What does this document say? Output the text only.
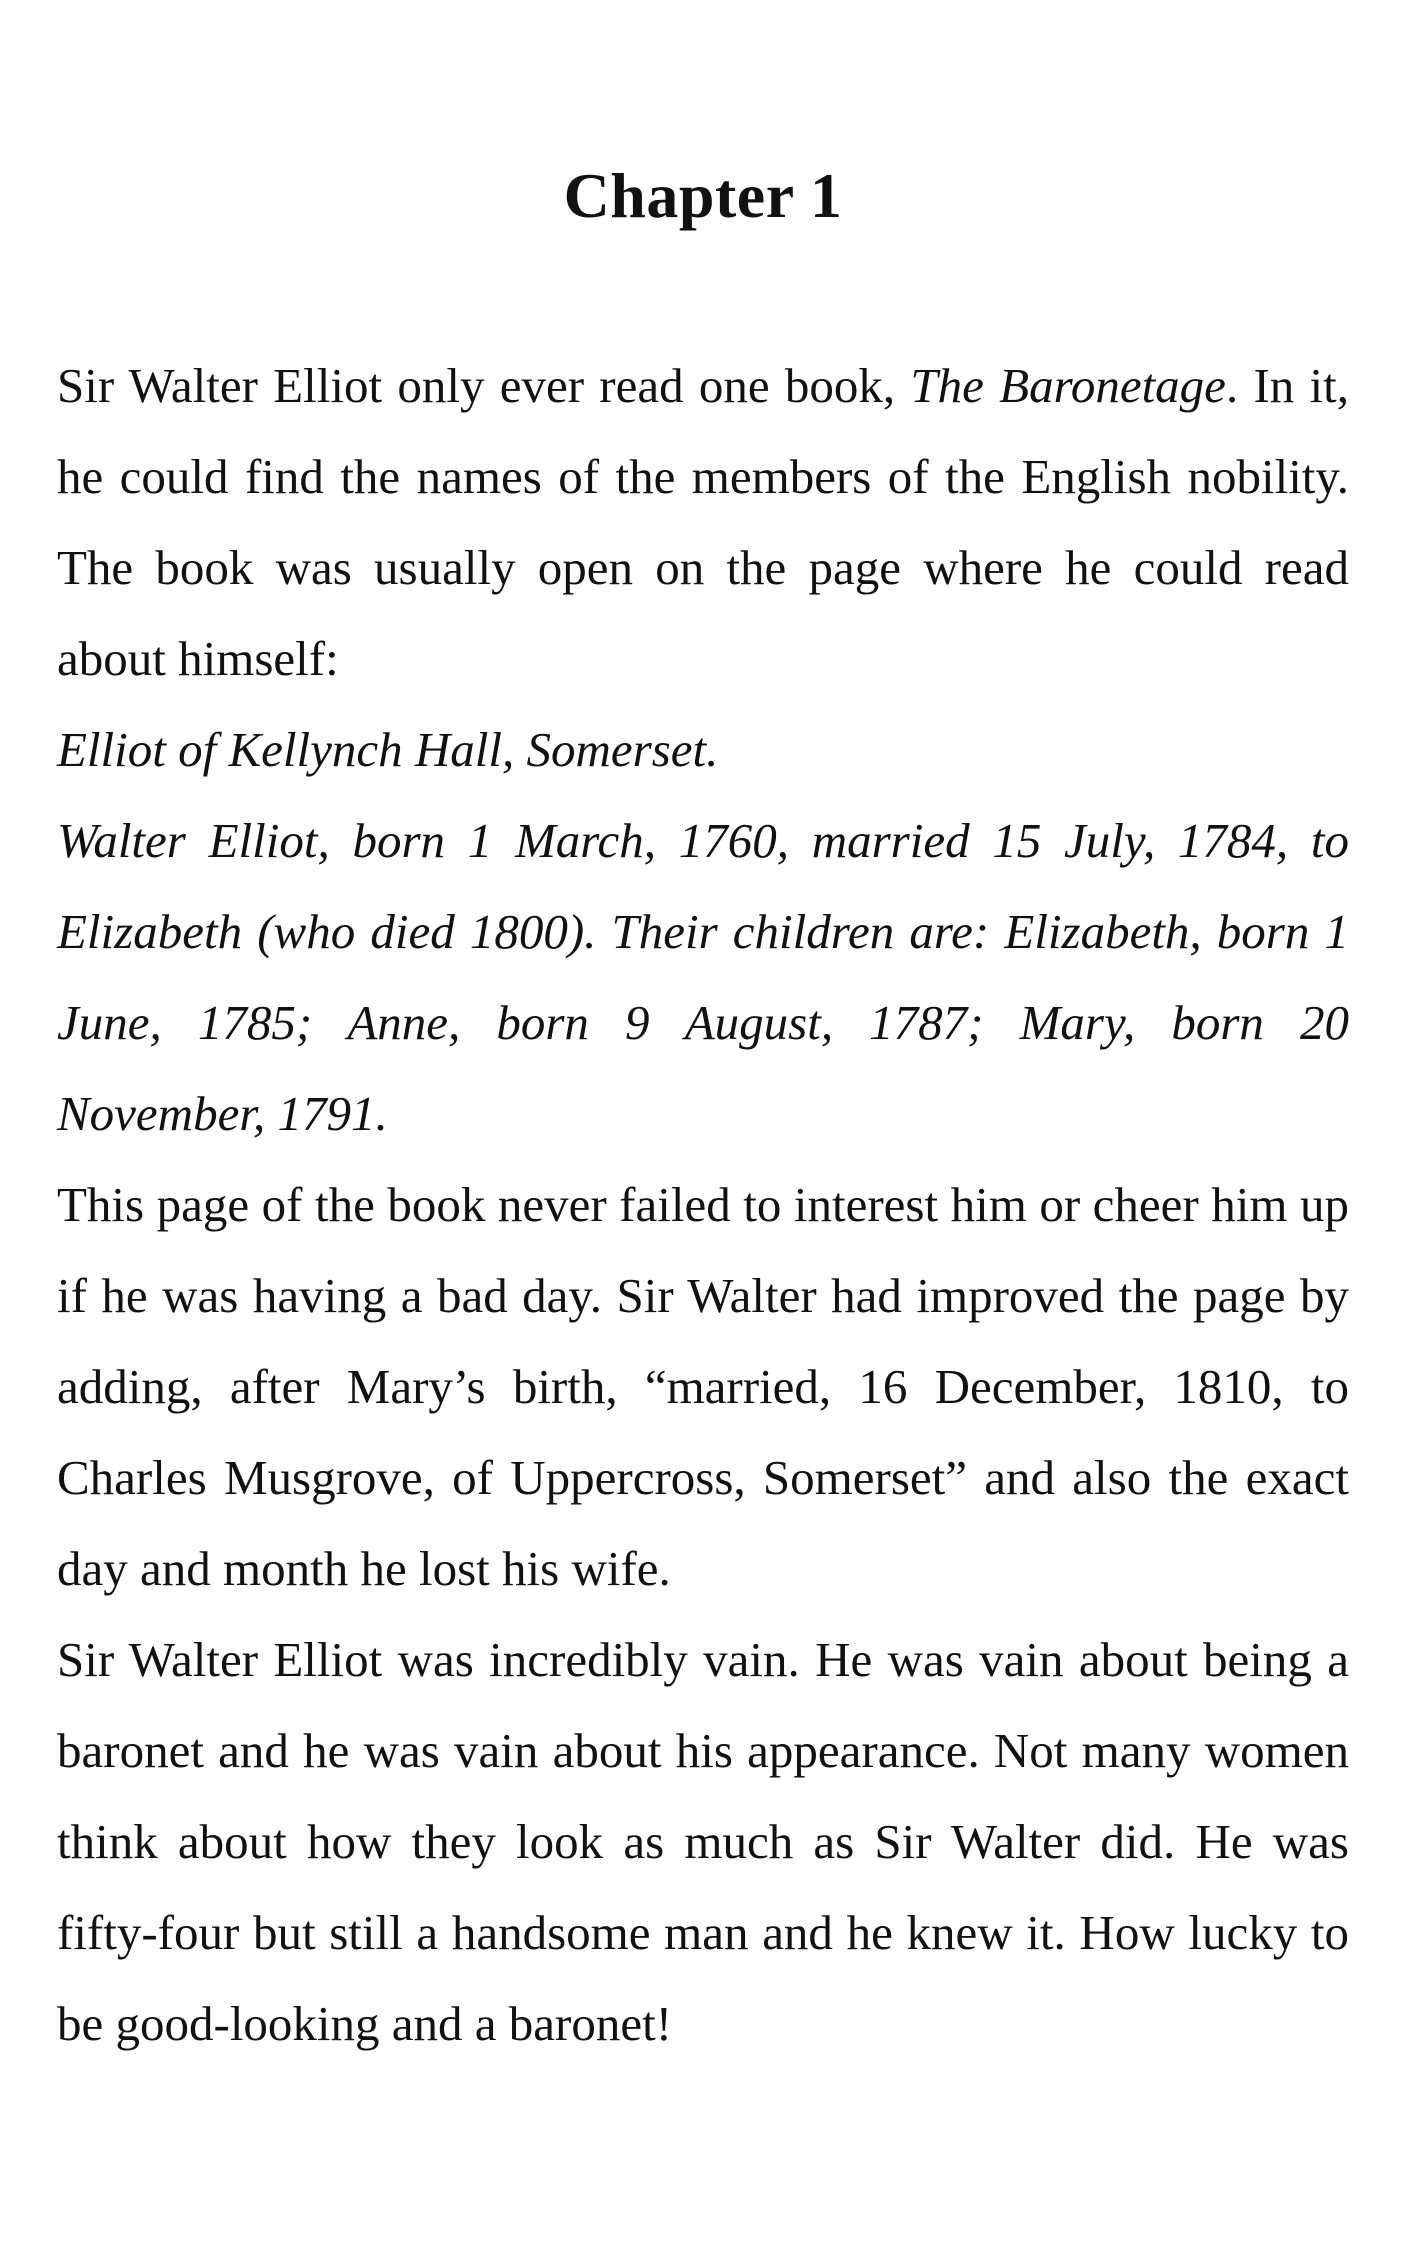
Chapter 1

Sir Walter Elliot only ever read one book, The Baronetage. In it, he could find the names of the members of the English nobility. The book was usually open on the page where he could read about himself:

Elliot of Kellynch Hall, Somerset.

Walter Elliot, born 1 March, 1760, married 15 July, 1784, to Elizabeth (who died 1800). Their children are: Elizabeth, born 1 June, 1785; Anne, born 9 August, 1787; Mary, born 20 November, 1791.

This page of the book never failed to interest him or cheer him up if he was having a bad day. Sir Walter had improved the page by adding, after Mary’s birth, “married, 16 December, 1810, to Charles Musgrove, of Uppercross, Somerset” and also the exact day and month he lost his wife.

Sir Walter Elliot was incredibly vain. He was vain about being a baronet and he was vain about his appearance. Not many women think about how they look as much as Sir Walter did. He was fifty-four but still a handsome man and he knew it. How lucky to be good-looking and a baronet!
